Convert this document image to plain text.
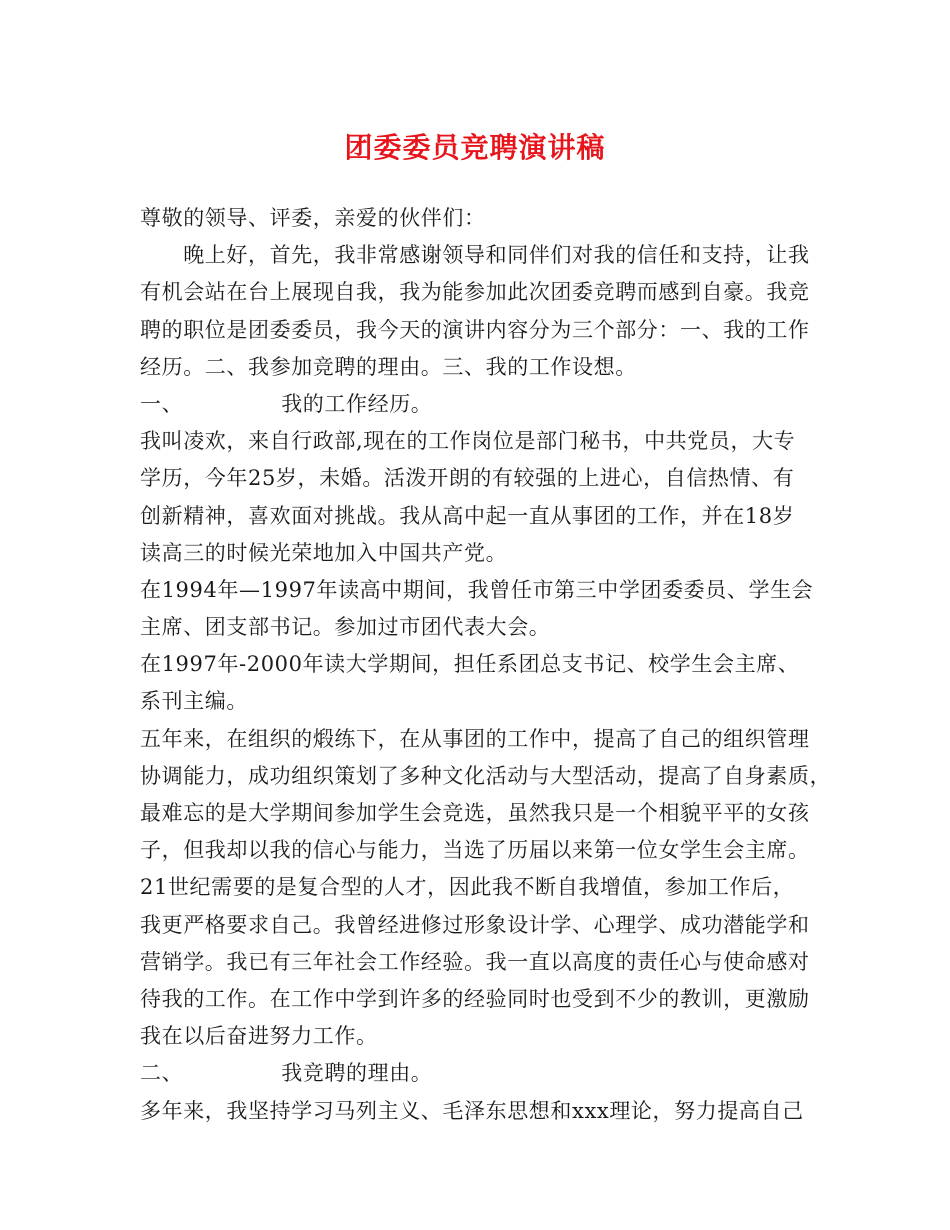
团委委员竞聘演讲稿
尊敬的领导、评委，亲爱的伙伴们：
　　晚上好，首先，我非常感谢领导和同伴们对我的信任和支持，让我
有机会站在台上展现自我，我为能参加此次团委竞聘而感到自豪。我竞
聘的职位是团委委员，我今天的演讲内容分为三个部分：一、我的工作
经历。二、我参加竞聘的理由。三、我的工作设想。
一、	我的工作经历。
我叫凌欢，来自行政部,现在的工作岗位是部门秘书，中共党员，大专
学历，今年25岁，未婚。活泼开朗的有较强的上进心，自信热情、有
创新精神，喜欢面对挑战。我从高中起一直从事团的工作，并在18岁
读高三的时候光荣地加入中国共产党。
在1994年—1997年读高中期间，我曾任市第三中学团委委员、学生会
主席、团支部书记。参加过市团代表大会。
在1997年-2000年读大学期间，担任系团总支书记、校学生会主席、
系刊主编。
五年来，在组织的煅练下，在从事团的工作中，提高了自己的组织管理
协调能力，成功组织策划了多种文化活动与大型活动，提高了自身素质，
最难忘的是大学期间参加学生会竞选，虽然我只是一个相貌平平的女孩
子，但我却以我的信心与能力，当选了历届以来第一位女学生会主席。
21世纪需要的是复合型的人才，因此我不断自我增值，参加工作后，
我更严格要求自己。我曾经进修过形象设计学、心理学、成功潜能学和
营销学。我已有三年社会工作经验。我一直以高度的责任心与使命感对
待我的工作。在工作中学到许多的经验同时也受到不少的教训，更激励
我在以后奋进努力工作。
二、	我竞聘的理由。
多年来，我坚持学习马列主义、毛泽东思想和xxx理论，努力提高自己
